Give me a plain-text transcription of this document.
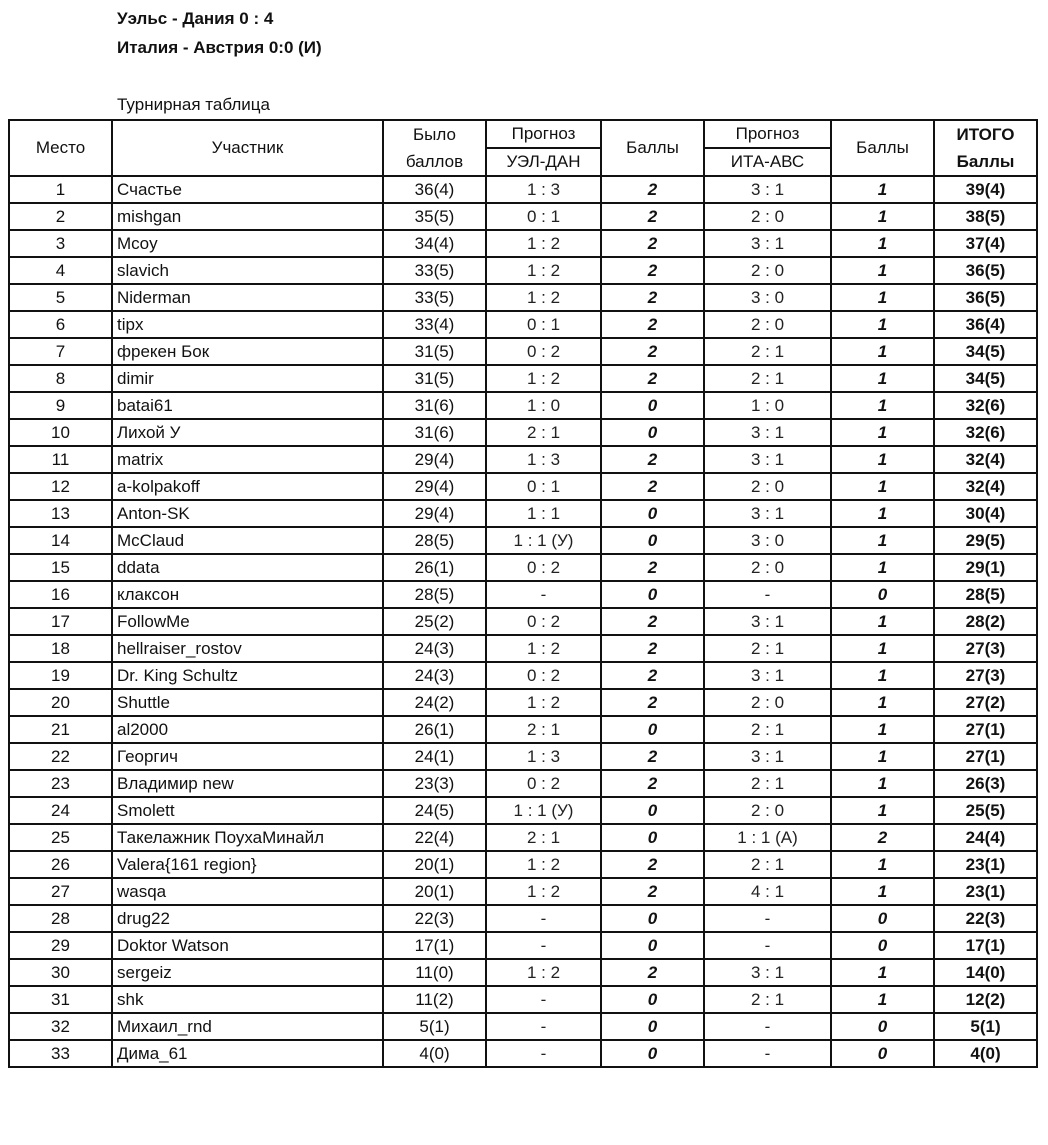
Уэльс - Дания 0 : 4
Италия - Австрия 0:0 (И)
Турнирная таблица
Место	Участник	Было	Прогноз	Баллы	Прогноз	Баллы	ИТОГО
		баллов	УЭЛ-ДАН		ИТА-АВС		Баллы
1	Счастье	36(4)	1 : 3	2	3 : 1	1	39(4)
2	mishgan	35(5)	0 : 1	2	2 : 0	1	38(5)
3	Mcoy	34(4)	1 : 2	2	3 : 1	1	37(4)
4	slavich	33(5)	1 : 2	2	2 : 0	1	36(5)
5	Niderman	33(5)	1 : 2	2	3 : 0	1	36(5)
6	tipx	33(4)	0 : 1	2	2 : 0	1	36(4)
7	фрекен Бок	31(5)	0 : 2	2	2 : 1	1	34(5)
8	dimir	31(5)	1 : 2	2	2 : 1	1	34(5)
9	batai61	31(6)	1 : 0	0	1 : 0	1	32(6)
10	Лихой У	31(6)	2 : 1	0	3 : 1	1	32(6)
11	matrix	29(4)	1 : 3	2	3 : 1	1	32(4)
12	a-kolpakoff	29(4)	0 : 1	2	2 : 0	1	32(4)
13	Anton-SK	29(4)	1 : 1	0	3 : 1	1	30(4)
14	McClaud	28(5)	1 : 1 (У)	0	3 : 0	1	29(5)
15	ddata	26(1)	0 : 2	2	2 : 0	1	29(1)
16	клаксон	28(5)	-	0	-	0	28(5)
17	FollowMe	25(2)	0 : 2	2	3 : 1	1	28(2)
18	hellraiser_rostov	24(3)	1 : 2	2	2 : 1	1	27(3)
19	Dr. King Schultz	24(3)	0 : 2	2	3 : 1	1	27(3)
20	Shuttle	24(2)	1 : 2	2	2 : 0	1	27(2)
21	al2000	26(1)	2 : 1	0	2 : 1	1	27(1)
22	Георгич	24(1)	1 : 3	2	3 : 1	1	27(1)
23	Владимир new	23(3)	0 : 2	2	2 : 1	1	26(3)
24	Smolett	24(5)	1 : 1 (У)	0	2 : 0	1	25(5)
25	Такелажник ПоухаМинайл	22(4)	2 : 1	0	1 : 1 (А)	2	24(4)
26	Valera{161 region}	20(1)	1 : 2	2	2 : 1	1	23(1)
27	wasqa	20(1)	1 : 2	2	4 : 1	1	23(1)
28	drug22	22(3)	-	0	-	0	22(3)
29	Doktor Watson	17(1)	-	0	-	0	17(1)
30	sergeiz	11(0)	1 : 2	2	3 : 1	1	14(0)
31	shk	11(2)	-	0	2 : 1	1	12(2)
32	Михаил_rnd	5(1)	-	0	-	0	5(1)
33	Дима_61	4(0)	-	0	-	0	4(0)
